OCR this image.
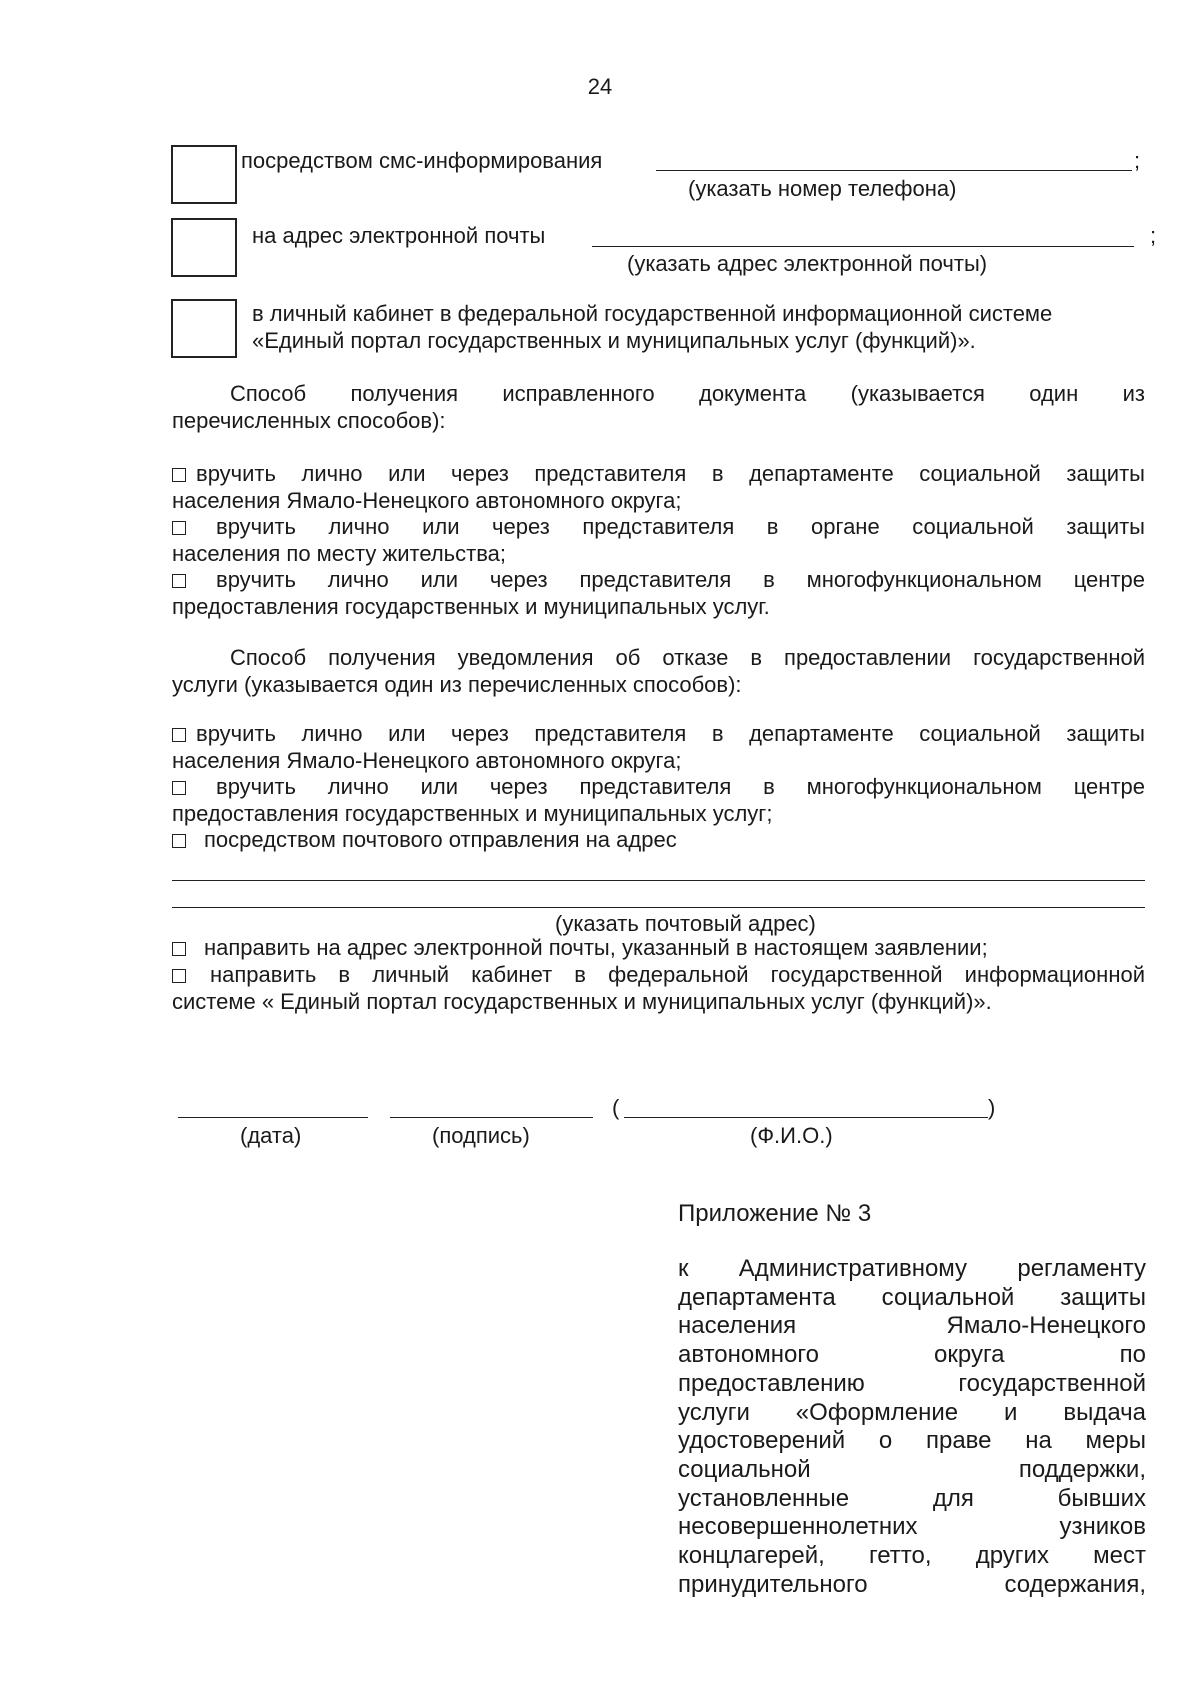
24
посредством смс-информирования	;
(указать номер телефона)
на адрес электронной почты	;
(указать адрес электронной почты)
в личный кабинет в федеральной государственной информационной системе
«Единый портал государственных и муниципальных услуг (функций)».
Способ получения исправленного документа (указывается один из
перечисленных способов):
вручить лично или через представителя в департаменте социальной защиты
населения Ямало-Ненецкого автономного округа;
вручить лично или через представителя в органе социальной защиты
населения по месту жительства;
вручить лично или через представителя в многофункциональном центре
предоставления государственных и муниципальных услуг.
Способ получения уведомления об отказе в предоставлении государственной
услуги (указывается один из перечисленных способов):
вручить лично или через представителя в департаменте социальной защиты
населения Ямало-Ненецкого автономного округа;
вручить лично или через представителя в многофункциональном центре
предоставления государственных и муниципальных услуг;
посредством почтового отправления на адрес
(указать почтовый адрес)
направить на адрес электронной почты, указанный в настоящем заявлении;
направить в личный кабинет в федеральной государственной информационной
системе « Единый портал государственных и муниципальных услуг (функций)».
(дата)	(подпись)
(	)
(Ф.И.О.)
Приложение № 3
к Административному регламенту
департамента социальной защиты
населения Ямало-Ненецкого
автономного округа по
предоставлению государственной
услуги «Оформление и выдача
удостоверений о праве на меры
социальной поддержки,
установленные для бывших
несовершеннолетних узников
концлагерей, гетто, других мест
принудительного содержания,
